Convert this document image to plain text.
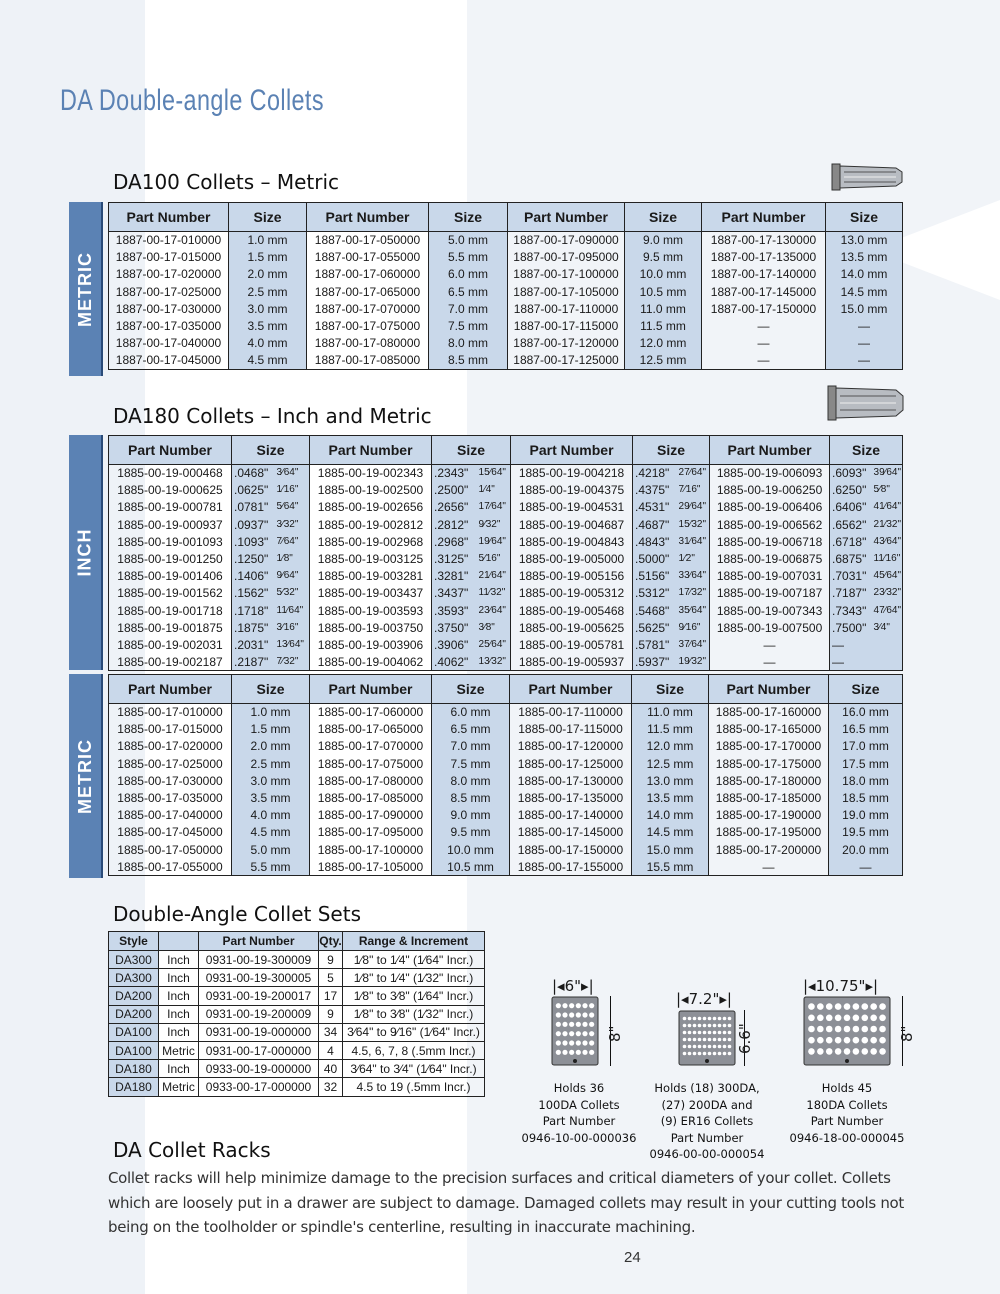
DA Double-angle Collets
DA100 Collets – Metric
METRIC
Part Number	Size	Part Number	Size	Part Number	Size	Part Number	Size
1887-00-17-010000	1.0 mm	1887-00-17-050000	5.0 mm	1887-00-17-090000	9.0 mm	1887-00-17-130000	13.0 mm
1887-00-17-015000	1.5 mm	1887-00-17-055000	5.5 mm	1887-00-17-095000	9.5 mm	1887-00-17-135000	13.5 mm
1887-00-17-020000	2.0 mm	1887-00-17-060000	6.0 mm	1887-00-17-100000	10.0 mm	1887-00-17-140000	14.0 mm
1887-00-17-025000	2.5 mm	1887-00-17-065000	6.5 mm	1887-00-17-105000	10.5 mm	1887-00-17-145000	14.5 mm
1887-00-17-030000	3.0 mm	1887-00-17-070000	7.0 mm	1887-00-17-110000	11.0 mm	1887-00-17-150000	15.0 mm
1887-00-17-035000	3.5 mm	1887-00-17-075000	7.5 mm	1887-00-17-115000	11.5 mm	—	—
1887-00-17-040000	4.0 mm	1887-00-17-080000	8.0 mm	1887-00-17-120000	12.0 mm	—	—
1887-00-17-045000	4.5 mm	1887-00-17-085000	8.5 mm	1887-00-17-125000	12.5 mm	—	—
DA180 Collets – Inch and Metric
INCH
Part Number	Size		Part Number	Size		Part Number	Size		Part Number	Size	
1885-00-19-000468	.0468"	3⁄64"	1885-00-19-002343	.2343"	15⁄64"	1885-00-19-004218	.4218"	27⁄64"	1885-00-19-006093	.6093"	39⁄64"
1885-00-19-000625	.0625"	1⁄16"	1885-00-19-002500	.2500"	1⁄4"	1885-00-19-004375	.4375"	7⁄16"	1885-00-19-006250	.6250"	5⁄8"
1885-00-19-000781	.0781"	5⁄64"	1885-00-19-002656	.2656"	17⁄64"	1885-00-19-004531	.4531"	29⁄64"	1885-00-19-006406	.6406"	41⁄64"
1885-00-19-000937	.0937"	3⁄32"	1885-00-19-002812	.2812"	9⁄32"	1885-00-19-004687	.4687"	15⁄32"	1885-00-19-006562	.6562"	21⁄32"
1885-00-19-001093	.1093"	7⁄64"	1885-00-19-002968	.2968"	19⁄64"	1885-00-19-004843	.4843"	31⁄64"	1885-00-19-006718	.6718"	43⁄64"
1885-00-19-001250	.1250"	1⁄8"	1885-00-19-003125	.3125"	5⁄16"	1885-00-19-005000	.5000"	1⁄2"	1885-00-19-006875	.6875"	11⁄16"
1885-00-19-001406	.1406"	9⁄64"	1885-00-19-003281	.3281"	21⁄64"	1885-00-19-005156	.5156"	33⁄64"	1885-00-19-007031	.7031"	45⁄64"
1885-00-19-001562	.1562"	5⁄32"	1885-00-19-003437	.3437"	11⁄32"	1885-00-19-005312	.5312"	17⁄32"	1885-00-19-007187	.7187"	23⁄32"
1885-00-19-001718	.1718"	11⁄64"	1885-00-19-003593	.3593"	23⁄64"	1885-00-19-005468	.5468"	35⁄64"	1885-00-19-007343	.7343"	47⁄64"
1885-00-19-001875	.1875"	3⁄16"	1885-00-19-003750	.3750"	3⁄8"	1885-00-19-005625	.5625"	9⁄16"	1885-00-19-007500	.7500"	3⁄4"
1885-00-19-002031	.2031"	13⁄64"	1885-00-19-003906	.3906"	25⁄64"	1885-00-19-005781	.5781"	37⁄64"	—	—	
1885-00-19-002187	.2187"	7⁄32"	1885-00-19-004062	.4062"	13⁄32"	1885-00-19-005937	.5937"	19⁄32"	—	—	
METRIC
Part Number	Size	Part Number	Size	Part Number	Size	Part Number	Size
1885-00-17-010000	1.0 mm	1885-00-17-060000	6.0 mm	1885-00-17-110000	11.0 mm	1885-00-17-160000	16.0 mm
1885-00-17-015000	1.5 mm	1885-00-17-065000	6.5 mm	1885-00-17-115000	11.5 mm	1885-00-17-165000	16.5 mm
1885-00-17-020000	2.0 mm	1885-00-17-070000	7.0 mm	1885-00-17-120000	12.0 mm	1885-00-17-170000	17.0 mm
1885-00-17-025000	2.5 mm	1885-00-17-075000	7.5 mm	1885-00-17-125000	12.5 mm	1885-00-17-175000	17.5 mm
1885-00-17-030000	3.0 mm	1885-00-17-080000	8.0 mm	1885-00-17-130000	13.0 mm	1885-00-17-180000	18.0 mm
1885-00-17-035000	3.5 mm	1885-00-17-085000	8.5 mm	1885-00-17-135000	13.5 mm	1885-00-17-185000	18.5 mm
1885-00-17-040000	4.0 mm	1885-00-17-090000	9.0 mm	1885-00-17-140000	14.0 mm	1885-00-17-190000	19.0 mm
1885-00-17-045000	4.5 mm	1885-00-17-095000	9.5 mm	1885-00-17-145000	14.5 mm	1885-00-17-195000	19.5 mm
1885-00-17-050000	5.0 mm	1885-00-17-100000	10.0 mm	1885-00-17-150000	15.0 mm	1885-00-17-200000	20.0 mm
1885-00-17-055000	5.5 mm	1885-00-17-105000	10.5 mm	1885-00-17-155000	15.5 mm	—	—
Double-Angle Collet Sets
Style		Part Number	Qty.	Range & Increment
DA300	Inch	0931-00-19-300009	9	1⁄8" to 1⁄4" (1⁄64" Incr.)
DA300	Inch	0931-00-19-300005	5	1⁄8" to 1⁄4" (1⁄32" Incr.)
DA200	Inch	0931-00-19-200017	17	1⁄8" to 3⁄8" (1⁄64" Incr.)
DA200	Inch	0931-00-19-200009	9	1⁄8" to 3⁄8" (1⁄32" Incr.)
DA100	Inch	0931-00-19-000000	34	3⁄64" to 9⁄16" (1⁄64" Incr.)
DA100	Metric	0931-00-17-000000	4	4.5, 6, 7, 8 (.5mm Incr.)
DA180	Inch	0933-00-19-000000	40	3⁄64" to 3⁄4" (1⁄64" Incr.)
DA180	Metric	0933-00-17-000000	32	4.5 to 19 (.5mm Incr.)
DA Collet Racks
|◂ 6" ▸|
8"
|◂ 7.2" ▸|
6.6"
|◂ 10.75" ▸|
8"
Holds 36
100DA Collets
Part Number
0946-10-00-000036
Holds (18) 300DA,
(27) 200DA and
(9) ER16 Collets
Part Number
0946-00-00-000054
Holds 45
180DA Collets
Part Number
0946-18-00-000045
Collet racks will help minimize damage to the precision surfaces and critical diameters of your collet. Collets which are loosely put in a drawer are subject to damage. Damaged collets may result in your cutting tools not being on the toolholder or spindle's centerline, resulting in inaccurate machining.
24
